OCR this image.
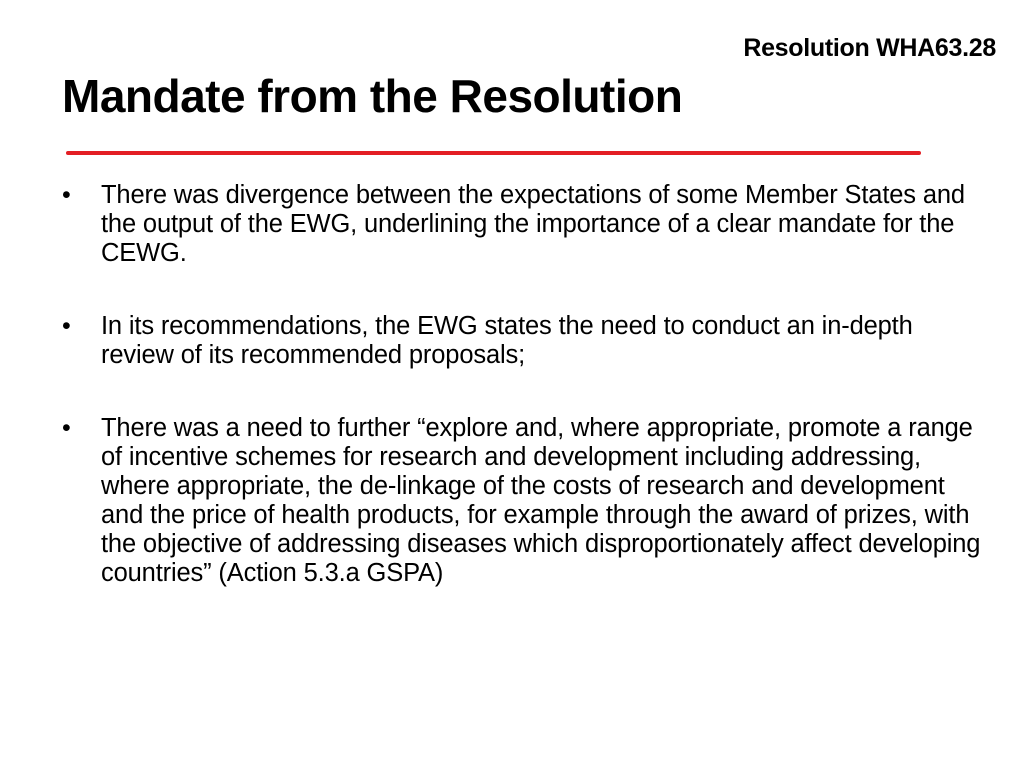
Resolution WHA63.28
Mandate from the Resolution
• There was divergence between the expectations of some Member States and the output of the EWG, underlining the importance of a clear mandate for the CEWG.
• In its recommendations, the EWG states the need to conduct an in-depth review of its recommended proposals;
• There was a need to further “explore and, where appropriate, promote a range of incentive schemes for research and development including addressing, where appropriate, the de-linkage of the costs of research and development and the price of health products, for example through the award of prizes, with the objective of addressing diseases which disproportionately affect developing countries” (Action 5.3.a GSPA)
